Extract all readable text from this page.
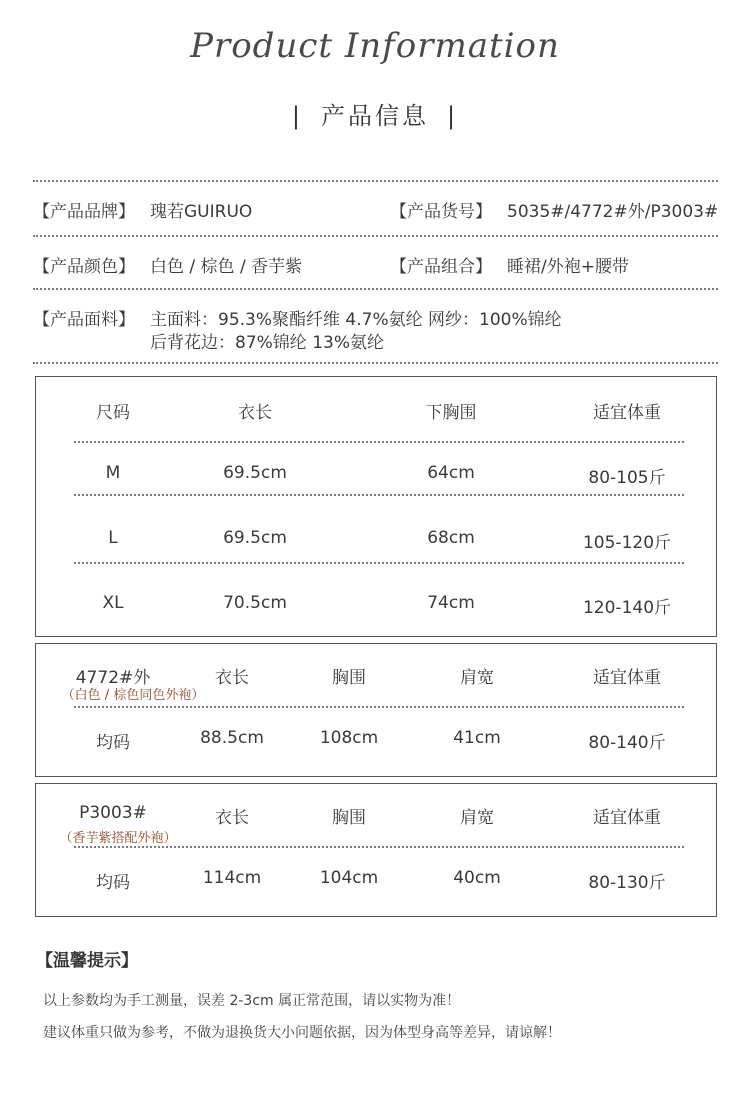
Product Information
| 产品信息 |
【产品品牌】 瑰若GUIRUO	【产品货号】 5035#/4772#外/P3003#
【产品颜色】 白色 / 棕色 / 香芋紫	【产品组合】 睡裙/外袍+腰带
【产品面料】 主面料：95.3%聚酯纤维 4.7%氨纶 网纱：100%锦纶
后背花边：87%锦纶 13%氨纶
尺码	衣长	下胸围	适宜体重
M	69.5cm	64cm	80-105斤
L	69.5cm	68cm	105-120斤
XL	70.5cm	74cm	120-140斤
4772#外
（白色 / 棕色同色外袍）
衣长	胸围	肩宽	适宜体重
均码	88.5cm	108cm	41cm	80-140斤
P3003#
（香芋紫搭配外袍）
衣长	胸围	肩宽	适宜体重
均码	114cm	104cm	40cm	80-130斤
【温馨提示】
以上参数均为手工测量，误差 2-3cm 属正常范围，请以实物为准！
建议体重只做为参考，不做为退换货大小问题依据，因为体型身高等差异，请谅解！
